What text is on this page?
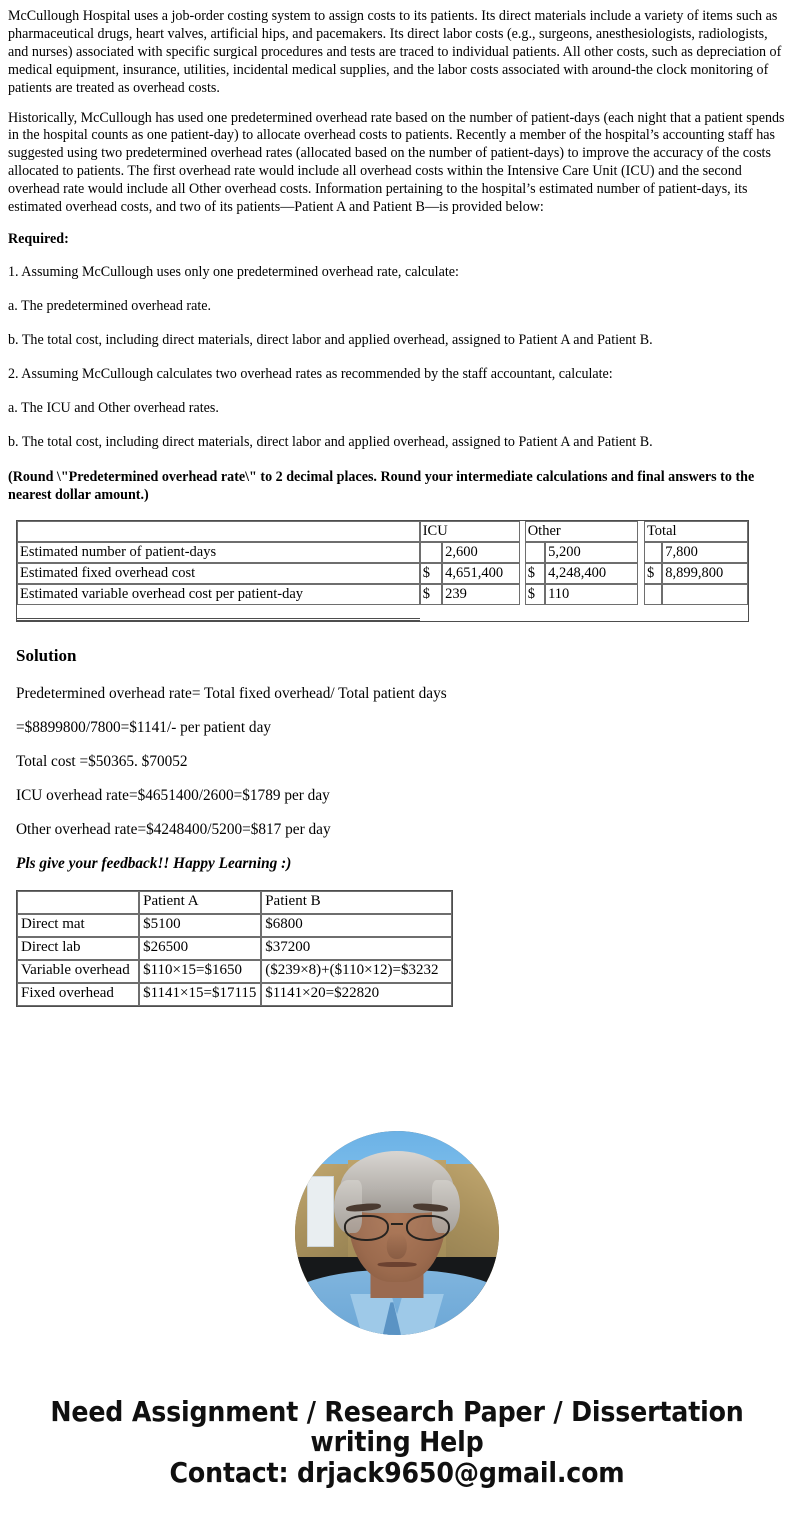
McCullough Hospital uses a job-order costing system to assign costs to its patients. Its direct materials include a variety of items such as pharmaceutical drugs, heart valves, artificial hips, and pacemakers. Its direct labor costs (e.g., surgeons, anesthesiologists, radiologists, and nurses) associated with specific surgical procedures and tests are traced to individual patients. All other costs, such as depreciation of medical equipment, insurance, utilities, incidental medical supplies, and the labor costs associated with around-the clock monitoring of patients are treated as overhead costs.

Historically, McCullough has used one predetermined overhead rate based on the number of patient-days (each night that a patient spends in the hospital counts as one patient-day) to allocate overhead costs to patients. Recently a member of the hospital’s accounting staff has suggested using two predetermined overhead rates (allocated based on the number of patient-days) to improve the accuracy of the costs allocated to patients. The first overhead rate would include all overhead costs within the Intensive Care Unit (ICU) and the second overhead rate would include all Other overhead costs. Information pertaining to the hospital’s estimated number of patient-days, its estimated overhead costs, and two of its patients—Patient A and Patient B—is provided below:

Required:

1. Assuming McCullough uses only one predetermined overhead rate, calculate:

a. The predetermined overhead rate.

b. The total cost, including direct materials, direct labor and applied overhead, assigned to Patient A and Patient B.

2. Assuming McCullough calculates two overhead rates as recommended by the staff accountant, calculate:

a. The ICU and Other overhead rates.

b. The total cost, including direct materials, direct labor and applied overhead, assigned to Patient A and Patient B.

(Round \"Predetermined overhead rate\" to 2 decimal places. Round your intermediate calculations and final answers to the nearest dollar amount.)

	ICU			Other			Total	
Estimated number of patient-days		2,600			5,200			7,800
Estimated fixed overhead cost	$	4,651,400		$	4,248,400		$	8,899,800
Estimated variable overhead cost per patient-day	$	239		$	110			

Solution

Predetermined overhead rate= Total fixed overhead/ Total patient days

=$8899800/7800=$1141/- per patient day

Total cost =$50365. $70052

ICU overhead rate=$4651400/2600=$1789 per day

Other overhead rate=$4248400/5200=$817 per day

Pls give your feedback!! Happy Learning :)

	Patient A	Patient B
Direct mat	$5100	$6800
Direct lab	$26500	$37200
Variable overhead	$110×15=$1650	($239×8)+($110×12)=$3232
Fixed overhead	$1141×15=$17115	$1141×20=$22820
Need Assignment / Research Paper / Dissertation
writing Help
Contact: drjack9650@gmail.com
